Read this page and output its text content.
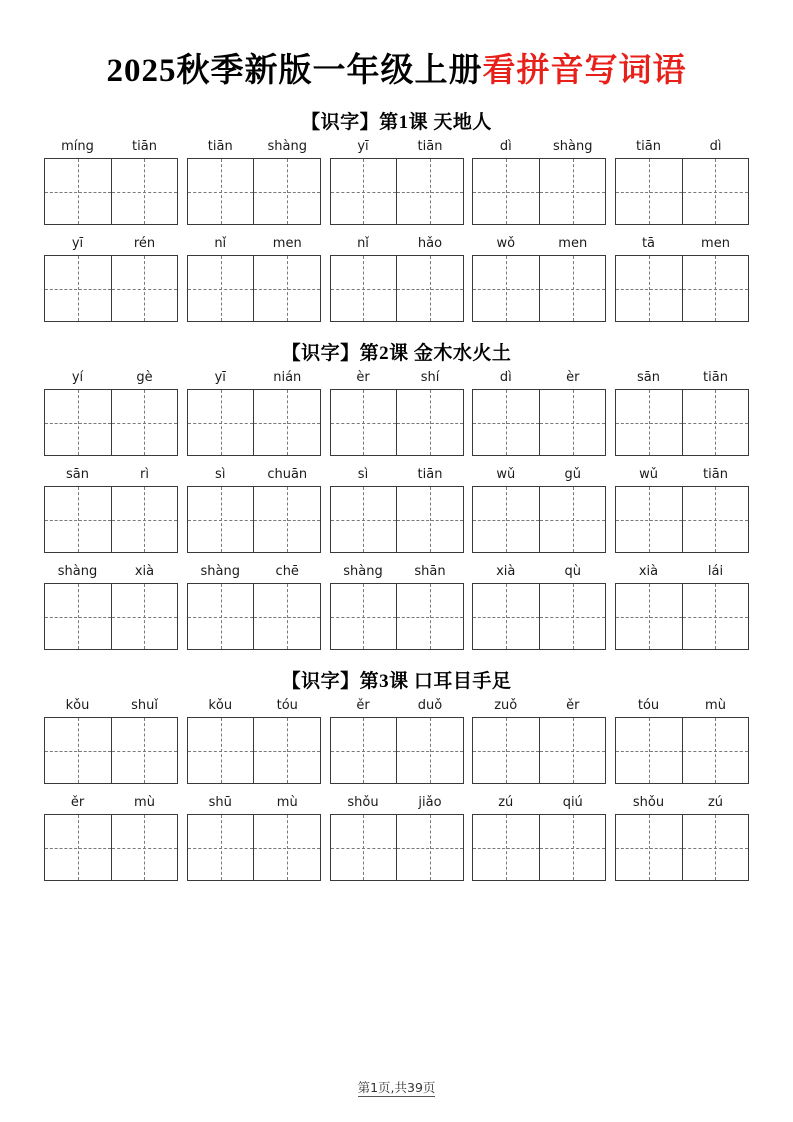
2025秋季新版一年级上册看拼音写词语
【识字】第1课 天地人
míng	tiān	tiān	shàng	yī	tiān	dì	shàng	tiān	dì
yī	rén	nǐ	men	nǐ	hǎo	wǒ	men	tā	men
【识字】第2课 金木水火土
yí	gè	yī	nián	èr	shí	dì	èr	sān	tiān
sān	rì	sì	chuān	sì	tiān	wǔ	gǔ	wǔ	tiān
shàng	xià	shàng	chē	shàng	shān	xià	qù	xià	lái
【识字】第3课 口耳目手足
kǒu	shuǐ	kǒu	tóu	ěr	duǒ	zuǒ	ěr	tóu	mù
ěr	mù	shū	mù	shǒu	jiǎo	zú	qiú	shǒu	zú
第1页,共39页
